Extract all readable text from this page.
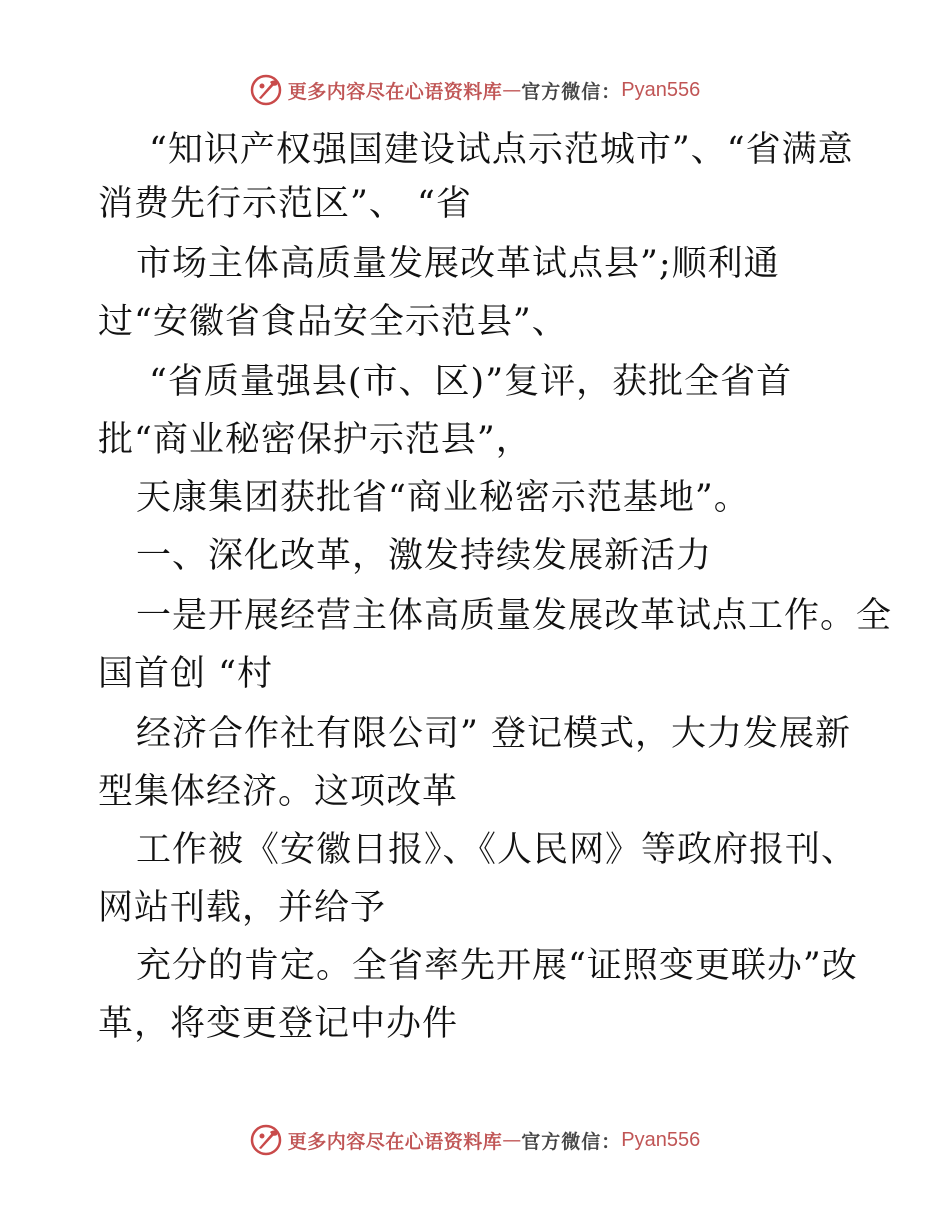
更多内容尽在心语资料库 — 官方微信： Pyan556
“知识产权强国建设试点示范城市”、“省满意
消费先行示范区”、 “省
市场主体高质量发展改革试点县”;顺利通
过“安徽省食品安全示范县”、
“省质量强县(市、区)”复评，获批全省首
批“商业秘密保护示范县”，
天康集团获批省“商业秘密示范基地”。
一、深化改革，激发持续发展新活力
一是开展经营主体高质量发展改革试点工作。全
国首创 “村
经济合作社有限公司” 登记模式，大力发展新
型集体经济。这项改革
工作被《安徽日报》、《人民网》等政府报刊、
网站刊载，并给予
充分的肯定。全省率先开展“证照变更联办”改
革，将变更登记中办件
更多内容尽在心语资料库 — 官方微信： Pyan556
